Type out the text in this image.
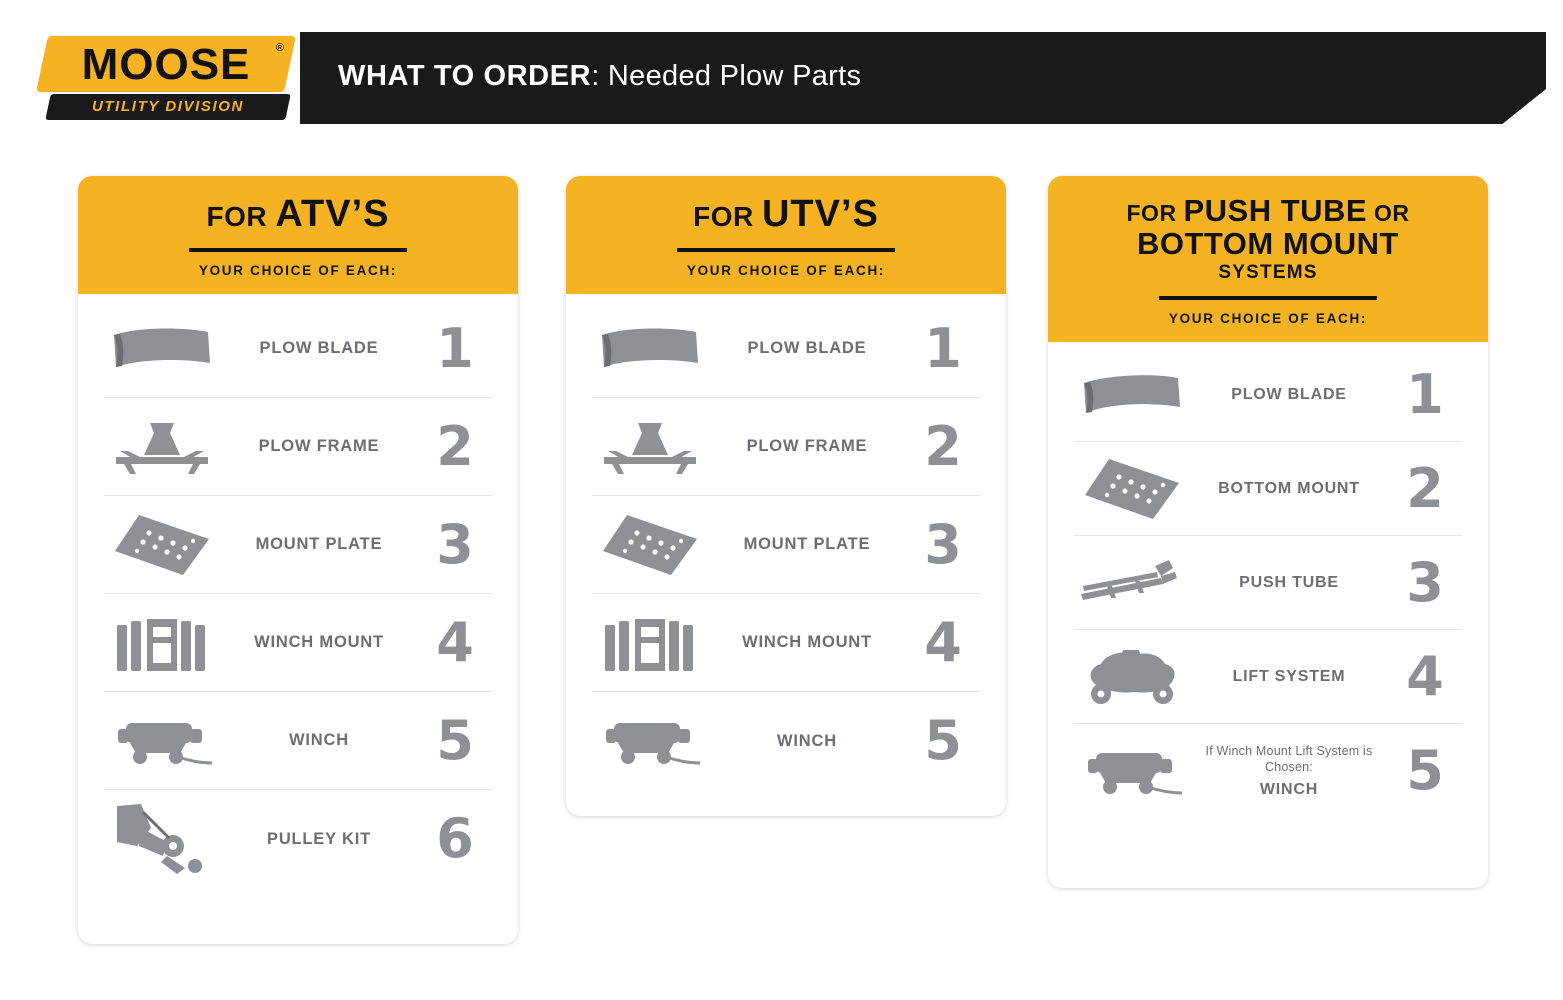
WHAT TO ORDER: Needed Plow Parts
MOOSE	®
UTILITY DIVISION
FOR ATV’S
YOUR CHOICE OF EACH:
PLOW BLADE	1
PLOW FRAME	2
MOUNT PLATE 3
WINCH MOUNT 4
WINCH	5
PULLEY KIT	6
FOR UTV’S
YOUR CHOICE OF EACH:
PLOW BLADE	1
PLOW FRAME	2
MOUNT PLATE 3
WINCH MOUNT 4
WINCH	5
FOR PUSH TUBE OR
BOTTOM MOUNT
SYSTEMS
YOUR CHOICE OF EACH:
PLOW BLADE	1
BOTTOM MOUNT 2
PUSH TUBE	3
LIFT SYSTEM	4
If Winch Mount Lift System is Chosen:
WINCH	5
